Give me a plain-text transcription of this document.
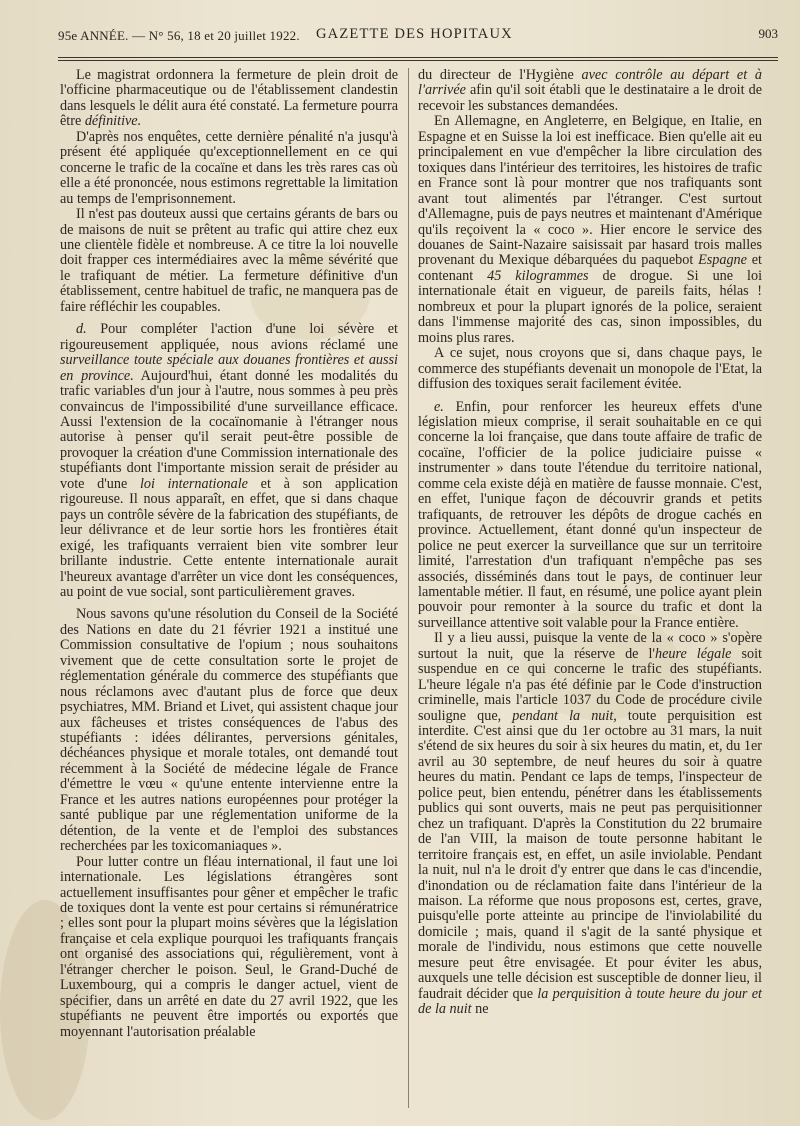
95e ANNÉE. — N° 56, 18 et 20 juillet 1922. GAZETTE DES HOPITAUX	903

Le magistrat ordonnera la fermeture de plein droit de l'officine pharmaceutique ou de l'établissement clandestin dans lesquels le délit aura été constaté. La fermeture pourra être définitive.

D'après nos enquêtes, cette dernière pénalité n'a jusqu'à présent été appliquée qu'exceptionnellement en ce qui concerne le trafic de la cocaïne et dans les très rares cas où elle a été prononcée, nous estimons regrettable la limitation au temps de l'emprisonnement.

Il n'est pas douteux aussi que certains gérants de bars ou de maisons de nuit se prêtent au trafic qui attire chez eux une clientèle fidèle et nombreuse. A ce titre la loi nouvelle doit frapper ces intermédiaires avec la même sévérité que le trafiquant de métier. La fermeture définitive d'un établissement, centre habituel de trafic, ne manquera pas de faire réfléchir les coupables.

d. Pour compléter l'action d'une loi sévère et rigoureusement appliquée, nous avions réclamé une surveillance toute spéciale aux douanes frontières et aussi en province. Aujourd'hui, étant donné les modalités du trafic variables d'un jour à l'autre, nous sommes à peu près convaincus de l'impossibilité d'une surveillance efficace. Aussi l'extension de la cocaïnomanie à l'étranger nous autorise à penser qu'il serait peut-être possible de provoquer la création d'une Commission internationale des stupéfiants dont l'importante mission serait de présider au vote d'une loi internationale et à son application rigoureuse. Il nous apparaît, en effet, que si dans chaque pays un contrôle sévère de la fabrication des stupéfiants, de leur délivrance et de leur sortie hors les frontières était exigé, les trafiquants verraient bien vite sombrer leur brillante industrie. Cette entente internationale aurait l'heureux avantage d'arrêter un vice dont les conséquences, au point de vue social, sont particulièrement graves.

Nous savons qu'une résolution du Conseil de la Société des Nations en date du 21 février 1921 a institué une Commission consultative de l'opium ; nous souhaitons vivement que de cette consultation sorte le projet de réglementation générale du commerce des stupéfiants que nous réclamons avec d'autant plus de force que deux psychiatres, MM. Briand et Livet, qui assistent chaque jour aux fâcheuses et tristes conséquences de l'abus des stupéfiants : idées délirantes, perversions génitales, déchéances physique et morale totales, ont demandé tout récemment à la Société de médecine légale de France d'émettre le vœu « qu'une entente intervienne entre la France et les autres nations européennes pour protéger la santé publique par une réglementation uniforme de la détention, de la vente et de l'emploi des substances recherchées par les toxicomaniaques ».

Pour lutter contre un fléau international, il faut une loi internationale. Les législations étrangères sont actuellement insuffisantes pour gêner et empêcher le trafic de toxiques dont la vente est pour certains si rémunératrice ; elles sont pour la plupart moins sévères que la législation française et cela explique pourquoi les trafiquants français ont organisé des associations qui, régulièrement, vont à l'étranger chercher le poison. Seul, le Grand-Duché de Luxembourg, qui a compris le danger actuel, vient de spécifier, dans un arrêté en date du 27 avril 1922, que les stupéfiants ne peuvent être importés ou exportés que moyennant l'autorisation préalable

du directeur de l'Hygiène avec contrôle au départ et à l'arrivée afin qu'il soit établi que le destinataire a le droit de recevoir les substances demandées.

En Allemagne, en Angleterre, en Belgique, en Italie, en Espagne et en Suisse la loi est inefficace. Bien qu'elle ait eu principalement en vue d'empêcher la libre circulation des toxiques dans l'intérieur des territoires, les histoires de trafic en France sont là pour montrer que nos trafiquants sont avant tout alimentés par l'étranger. C'est surtout d'Allemagne, puis de pays neutres et maintenant d'Amérique qu'ils reçoivent la « coco ». Hier encore le service des douanes de Saint-Nazaire saisissait par hasard trois malles provenant du Mexique débarquées du paquebot Espagne et contenant 45 kilogrammes de drogue. Si une loi internationale était en vigueur, de pareils faits, hélas ! nombreux et pour la plupart ignorés de la police, seraient dans l'immense majorité des cas, sinon impossibles, du moins plus rares.

A ce sujet, nous croyons que si, dans chaque pays, le commerce des stupéfiants devenait un monopole de l'Etat, la diffusion des toxiques serait facilement évitée.

e. Enfin, pour renforcer les heureux effets d'une législation mieux comprise, il serait souhaitable en ce qui concerne la loi française, que dans toute affaire de trafic de cocaïne, l'officier de la police judiciaire puisse « instrumenter » dans toute l'étendue du territoire national, comme cela existe déjà en matière de fausse monnaie. C'est, en effet, l'unique façon de découvrir grands et petits trafiquants, de retrouver les dépôts de drogue cachés en province. Actuellement, étant donné qu'un inspecteur de police ne peut exercer la surveillance que sur un territoire limité, l'arrestation d'un trafiquant n'empêche pas ses associés, disséminés dans tout le pays, de continuer leur lamentable métier. Il faut, en résumé, une police ayant plein pouvoir pour remonter à la source du trafic et dont la surveillance attentive soit valable pour la France entière.

Il y a lieu aussi, puisque la vente de la « coco » s'opère surtout la nuit, que la réserve de l'heure légale soit suspendue en ce qui concerne le trafic des stupéfiants. L'heure légale n'a pas été définie par le Code d'instruction criminelle, mais l'article 1037 du Code de procédure civile souligne que, pendant la nuit, toute perquisition est interdite. C'est ainsi que du 1er octobre au 31 mars, la nuit s'étend de six heures du soir à six heures du matin, et, du 1er avril au 30 septembre, de neuf heures du soir à quatre heures du matin. Pendant ce laps de temps, l'inspecteur de police peut, bien entendu, pénétrer dans les établissements publics qui sont ouverts, mais ne peut pas perquisitionner chez un trafiquant. D'après la Constitution du 22 brumaire de l'an VIII, la maison de toute personne habitant le territoire français est, en effet, un asile inviolable. Pendant la nuit, nul n'a le droit d'y entrer que dans le cas d'incendie, d'inondation ou de réclamation faite dans l'intérieur de la maison. La réforme que nous proposons est, certes, grave, puisqu'elle porte atteinte au principe de l'inviolabilité du domicile ; mais, quand il s'agit de la santé physique et morale de l'individu, nous estimons que cette nouvelle mesure peut être envisagée. Et pour éviter les abus, auxquels une telle décision est susceptible de donner lieu, il faudrait décider que la perquisition à toute heure du jour et de la nuit ne
